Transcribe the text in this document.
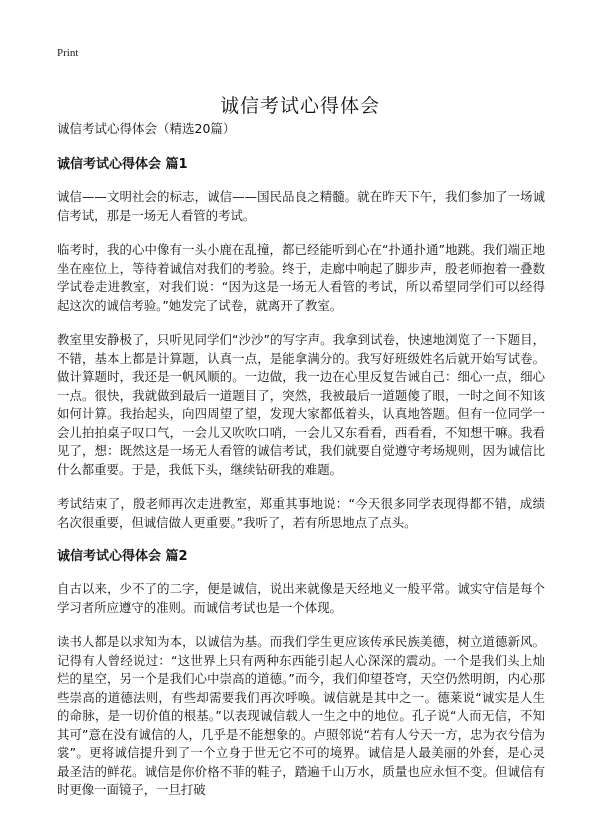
Print
诚信考试心得体会
诚信考试心得体会（精选20篇）
诚信考试心得体会 篇1

诚信——文明社会的标志，诚信——国民品良之精髓。就在昨天下午，我们参加了一场诚信考试，那是一场无人看管的考试。

临考时，我的心中像有一头小鹿在乱撞，都已经能听到心在“扑通扑通”地跳。我们端正地坐在座位上，等待着诚信对我们的考验。终于，走廊中响起了脚步声，殷老师抱着一叠数学试卷走进教室，对我们说：“因为这是一场无人看管的考试，所以希望同学们可以经得起这次的诚信考验。”她发完了试卷，就离开了教室。

教室里安静极了，只听见同学们“沙沙”的写字声。我拿到试卷，快速地浏览了一下题目，不错，基本上都是计算题，认真一点，是能拿满分的。我写好班级姓名后就开始写试卷。做计算题时，我还是一帆风顺的。一边做，我一边在心里反复告诫自己：细心一点，细心一点。很快，我就做到最后一道题目了，突然，我被最后一道题傻了眼，一时之间不知该如何计算。我抬起头，向四周望了望，发现大家都低着头，认真地答题。但有一位同学一会儿拍拍桌子叹口气，一会儿又吹吹口哨，一会儿又东看看，西看看，不知想干嘛。我看见了，想：既然这是一场无人看管的诚信考试，我们就要自觉遵守考场规则，因为诚信比什么都重要。于是，我低下头，继续钻研我的难题。

考试结束了，殷老师再次走进教室，郑重其事地说：“今天很多同学表现得都不错，成绩名次很重要，但诚信做人更重要。”我听了，若有所思地点了点头。

诚信考试心得体会 篇2

自古以来，少不了的二字，便是诚信，说出来就像是天经地义一般平常。诚实守信是每个学习者所应遵守的准则。而诚信考试也是一个体现。

读书人都是以求知为本，以诚信为基。而我们学生更应该传承民族美德，树立道德新风。记得有人曾经说过：“这世界上只有两种东西能引起人心深深的震动。一个是我们头上灿烂的星空，另一个是我们心中崇高的道德。”而今，我们仰望苍穹，天空仍然明朗，内心那些崇高的道德法则，有些却需要我们再次呼唤。诚信就是其中之一。德莱说“诚实是人生的命脉，是一切价值的根基。”以表现诚信载人一生之中的地位。孔子说“人而无信，不知其可”意在没有诚信的人，几乎是不能想象的。卢照邻说“若有人兮天一方，忠为衣兮信为裳”。更将诚信提升到了一个立身于世无它不可的境界。诚信是人最美丽的外套，是心灵最圣洁的鲜花。诚信是你价格不菲的鞋子，踏遍千山万水，质量也应永恒不变。但诚信有时更像一面镜子，一旦打破
